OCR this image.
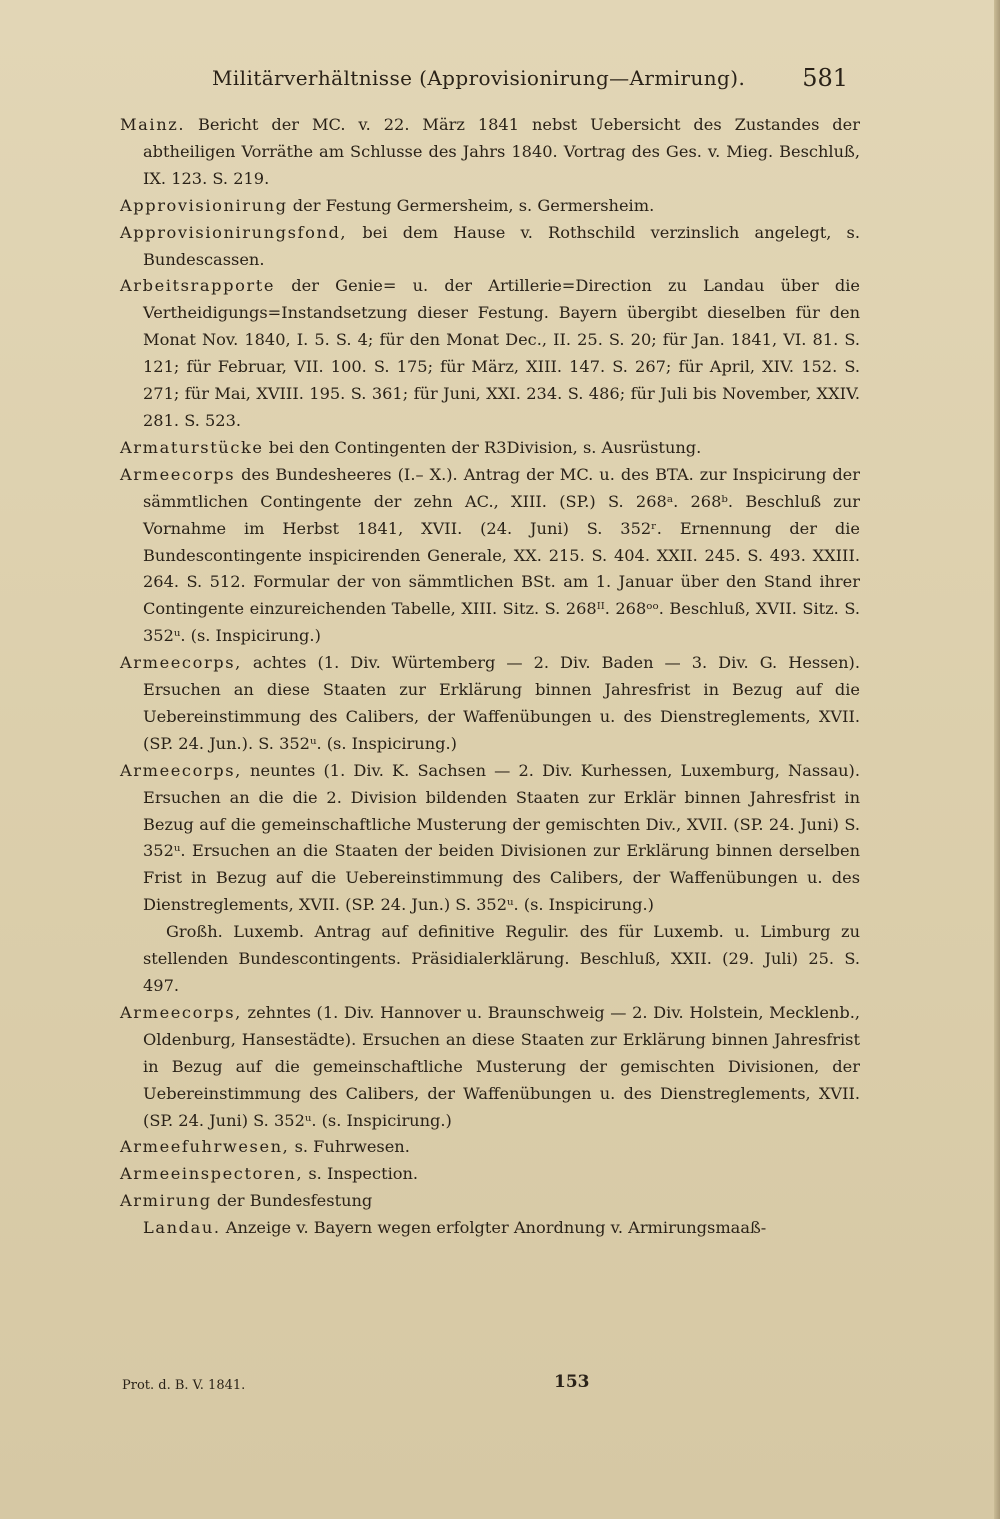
Militärverhältnisse (Approvisionirung—Armirung). 581

Mainz. Bericht der MC. v. 22. März 1841 nebst Uebersicht des Zustandes der abtheiligen Vorräthe am Schlusse des Jahrs 1840. Vortrag des Ges. v. Mieg. Beschluß, IX. 123. S. 219.

Approvisionirung der Festung Germersheim, s. Germersheim.

Approvisionirungsfond, bei dem Hause v. Rothschild verzinslich angelegt, s. Bundescassen.

Arbeitsrapporte der Genie= u. der Artillerie=Direction zu Landau über die Vertheidigungs=Instandsetzung dieser Festung. Bayern übergibt dieselben für den Monat Nov. 1840, I. 5. S. 4; für den Monat Dec., II. 25. S. 20; für Jan. 1841, VI. 81. S. 121; für Februar, VII. 100. S. 175; für März, XIII. 147. S. 267; für April, XIV. 152. S. 271; für Mai, XVIII. 195. S. 361; für Juni, XXI. 234. S. 486; für Juli bis November, XXIV. 281. S. 523.

Armaturstücke bei den Contingenten der R3Division, s. Ausrüstung.

Armeecorps des Bundesheeres (I.– X.). Antrag der MC. u. des BTA. zur Inspicirung der sämmtlichen Contingente der zehn AC., XIII. (SP.) S. 268ᵃ. 268ᵇ. Beschluß zur Vornahme im Herbst 1841, XVII. (24. Juni) S. 352ʳ. Ernennung der die Bundescontingente inspicirenden Generale, XX. 215. S. 404. XXII. 245. S. 493. XXIII. 264. S. 512. Formular der von sämmtlichen BSt. am 1. Januar über den Stand ihrer Contingente einzureichenden Tabelle, XIII. Sitz. S. 268ᴵᴵ. 268ᵒᵒ. Beschluß, XVII. Sitz. S. 352ᵘ. (s. Inspicirung.)

Armeecorps, achtes (1. Div. Würtemberg — 2. Div. Baden — 3. Div. G. Hessen). Ersuchen an diese Staaten zur Erklärung binnen Jahresfrist in Bezug auf die Uebereinstimmung des Calibers, der Waffenübungen u. des Dienstreglements, XVII. (SP. 24. Jun.). S. 352ᵘ. (s. Inspicirung.)

Armeecorps, neuntes (1. Div. K. Sachsen — 2. Div. Kurhessen, Luxemburg, Nassau). Ersuchen an die die 2. Division bildenden Staaten zur Erklär binnen Jahresfrist in Bezug auf die gemeinschaftliche Musterung der gemischten Div., XVII. (SP. 24. Juni) S. 352ᵘ. Ersuchen an die Staaten der beiden Divisionen zur Erklärung binnen derselben Frist in Bezug auf die Uebereinstimmung des Calibers, der Waffenübungen u. des Dienstreglements, XVII. (SP. 24. Jun.) S. 352ᵘ. (s. Inspicirung.)

Großh. Luxemb. Antrag auf definitive Regulir. des für Luxemb. u. Limburg zu stellenden Bundescontingents. Präsidialerklärung. Beschluß, XXII. (29. Juli) 25. S. 497.

Armeecorps, zehntes (1. Div. Hannover u. Braunschweig — 2. Div. Holstein, Mecklenb., Oldenburg, Hansestädte). Ersuchen an diese Staaten zur Erklärung binnen Jahresfrist in Bezug auf die gemeinschaftliche Musterung der gemischten Divisionen, der Uebereinstimmung des Calibers, der Waffenübungen u. des Dienstreglements, XVII. (SP. 24. Juni) S. 352ᵘ. (s. Inspicirung.)

Armeefuhrwesen, s. Fuhrwesen.

Armeeinspectoren, s. Inspection.

Armirung der Bundesfestung

Landau. Anzeige v. Bayern wegen erfolgter Anordnung v. Armirungsmaaß-

Prot. d. B. V. 1841.	153
